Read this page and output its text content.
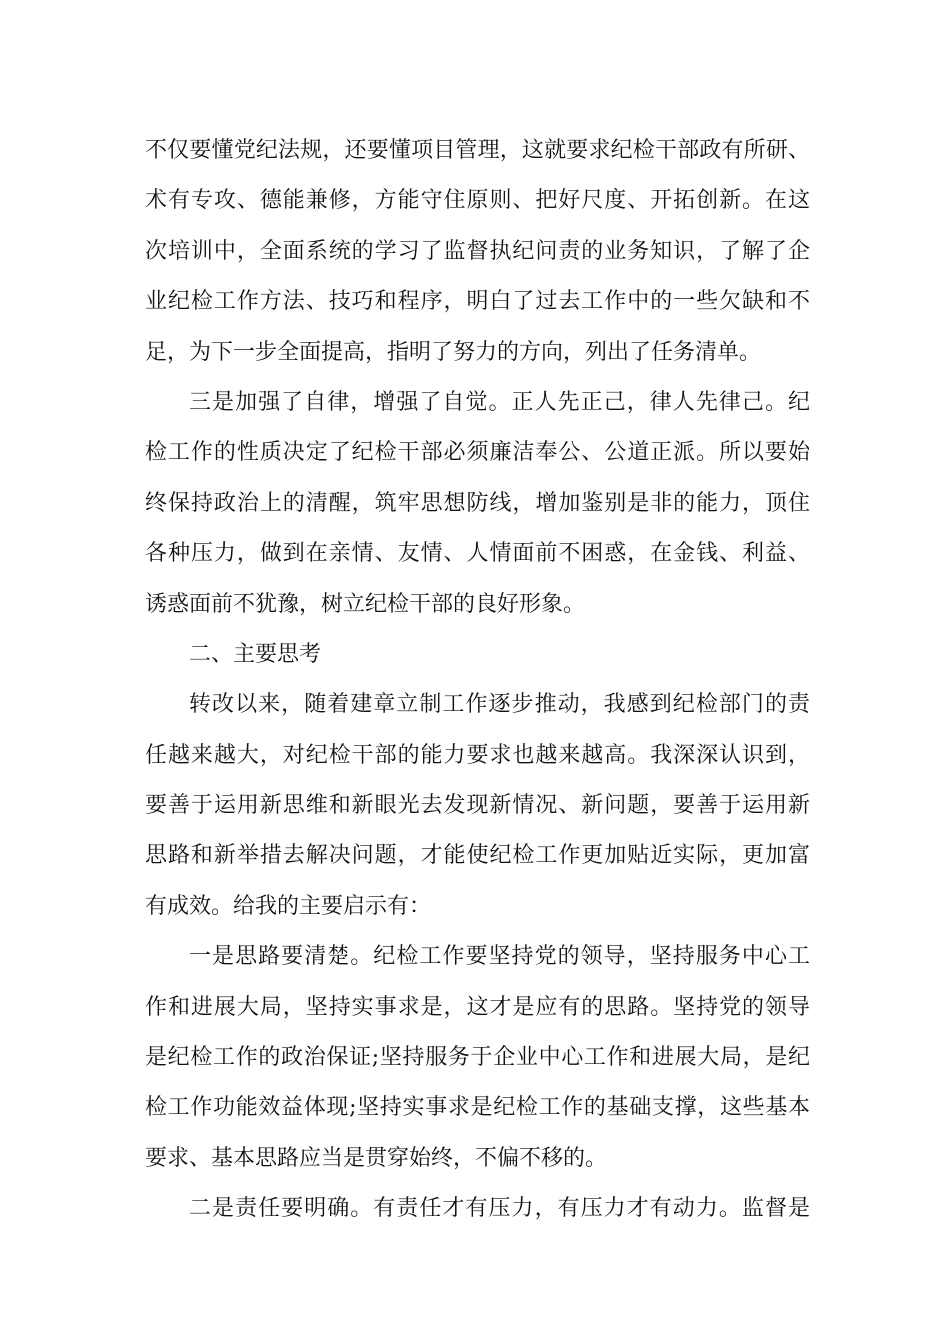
不仅要懂党纪法规，还要懂项目管理，这就要求纪检干部政有所研、
术有专攻、德能兼修，方能守住原则、把好尺度、开拓创新。在这
次培训中，全面系统的学习了监督执纪问责的业务知识，了解了企
业纪检工作方法、技巧和程序，明白了过去工作中的一些欠缺和不
足，为下一步全面提高，指明了努力的方向，列出了任务清单。
三是加强了自律，增强了自觉。正人先正己，律人先律己。纪
检工作的性质决定了纪检干部必须廉洁奉公、公道正派。所以要始
终保持政治上的清醒，筑牢思想防线，增加鉴别是非的能力，顶住
各种压力，做到在亲情、友情、人情面前不困惑，在金钱、利益、
诱惑面前不犹豫，树立纪检干部的良好形象。
二、主要思考
转改以来，随着建章立制工作逐步推动，我感到纪检部门的责
任越来越大，对纪检干部的能力要求也越来越高。我深深认识到，
要善于运用新思维和新眼光去发现新情况、新问题，要善于运用新
思路和新举措去解决问题，才能使纪检工作更加贴近实际，更加富
有成效。给我的主要启示有：
一是思路要清楚。纪检工作要坚持党的领导，坚持服务中心工
作和进展大局，坚持实事求是，这才是应有的思路。坚持党的领导
是纪检工作的政治保证;坚持服务于企业中心工作和进展大局，是纪
检工作功能效益体现;坚持实事求是纪检工作的基础支撑，这些基本
要求、基本思路应当是贯穿始终，不偏不移的。
二是责任要明确。有责任才有压力，有压力才有动力。监督是
